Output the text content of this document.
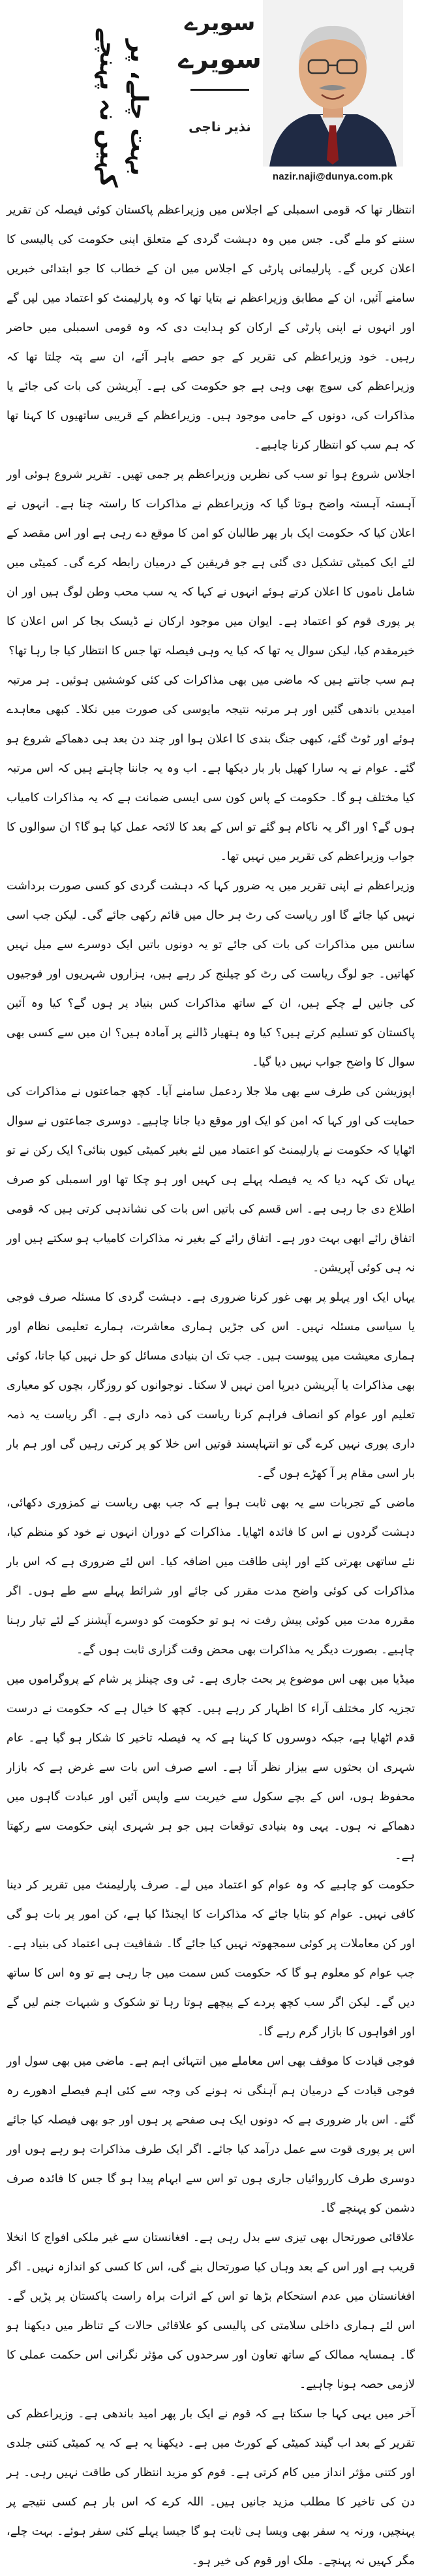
nazir.naji@dunya.com.pk
سویرے
سویرے
نذیر ناجی
بہت چلے، پر کہیں نہ پہنچے

انتظار تھا کہ قومی اسمبلی کے اجلاس میں وزیراعظم پاکستان کوئی فیصلہ کن تقریر سننے کو ملے گی۔ جس میں وہ دہشت گردی کے متعلق اپنی حکومت کی پالیسی کا اعلان کریں گے۔ پارلیمانی پارٹی کے اجلاس میں ان کے خطاب کا جو ابتدائی خبریں سامنے آئیں، ان کے مطابق وزیراعظم نے بتایا تھا کہ وہ پارلیمنٹ کو اعتماد میں لیں گے اور انہوں نے اپنی پارٹی کے ارکان کو ہدایت دی کہ وہ قومی اسمبلی میں حاضر رہیں۔ خود وزیراعظم کی تقریر کے جو حصے باہر آئے، ان سے پتہ چلتا تھا کہ وزیراعظم کی سوچ بھی وہی ہے جو حکومت کی ہے۔ آپریشن کی بات کی جائے یا مذاکرات کی، دونوں کے حامی موجود ہیں۔ وزیراعظم کے قریبی ساتھیوں کا کہنا تھا کہ ہم سب کو انتظار کرنا چاہیے۔

اجلاس شروع ہوا تو سب کی نظریں وزیراعظم پر جمی تھیں۔ تقریر شروع ہوئی اور آہستہ آہستہ واضح ہوتا گیا کہ وزیراعظم نے مذاکرات کا راستہ چنا ہے۔ انہوں نے اعلان کیا کہ حکومت ایک بار پھر طالبان کو امن کا موقع دے رہی ہے اور اس مقصد کے لئے ایک کمیٹی تشکیل دی گئی ہے جو فریقین کے درمیان رابطہ کرے گی۔ کمیٹی میں شامل ناموں کا اعلان کرتے ہوئے انہوں نے کہا کہ یہ سب محب وطن لوگ ہیں اور ان پر پوری قوم کو اعتماد ہے۔ ایوان میں موجود ارکان نے ڈیسک بجا کر اس اعلان کا خیرمقدم کیا، لیکن سوال یہ تھا کہ کیا یہ وہی فیصلہ تھا جس کا انتظار کیا جا رہا تھا؟

ہم سب جانتے ہیں کہ ماضی میں بھی مذاکرات کی کئی کوششیں ہوئیں۔ ہر مرتبہ امیدیں باندھی گئیں اور ہر مرتبہ نتیجہ مایوسی کی صورت میں نکلا۔ کبھی معاہدے ہوئے اور ٹوٹ گئے، کبھی جنگ بندی کا اعلان ہوا اور چند دن بعد ہی دھماکے شروع ہو گئے۔ عوام نے یہ سارا کھیل بار بار دیکھا ہے۔ اب وہ یہ جاننا چاہتے ہیں کہ اس مرتبہ کیا مختلف ہو گا۔ حکومت کے پاس کون سی ایسی ضمانت ہے کہ یہ مذاکرات کامیاب ہوں گے؟ اور اگر یہ ناکام ہو گئے تو اس کے بعد کا لائحہ عمل کیا ہو گا؟ ان سوالوں کا جواب وزیراعظم کی تقریر میں نہیں تھا۔

وزیراعظم نے اپنی تقریر میں یہ ضرور کہا کہ دہشت گردی کو کسی صورت برداشت نہیں کیا جائے گا اور ریاست کی رٹ ہر حال میں قائم رکھی جائے گی۔ لیکن جب اسی سانس میں مذاکرات کی بات کی جائے تو یہ دونوں باتیں ایک دوسرے سے میل نہیں کھاتیں۔ جو لوگ ریاست کی رٹ کو چیلنج کر رہے ہیں، ہزاروں شہریوں اور فوجیوں کی جانیں لے چکے ہیں، ان کے ساتھ مذاکرات کس بنیاد پر ہوں گے؟ کیا وہ آئین پاکستان کو تسلیم کرتے ہیں؟ کیا وہ ہتھیار ڈالنے پر آمادہ ہیں؟ ان میں سے کسی بھی سوال کا واضح جواب نہیں دیا گیا۔

اپوزیشن کی طرف سے بھی ملا جلا ردعمل سامنے آیا۔ کچھ جماعتوں نے مذاکرات کی حمایت کی اور کہا کہ امن کو ایک اور موقع دیا جانا چاہیے۔ دوسری جماعتوں نے سوال اٹھایا کہ حکومت نے پارلیمنٹ کو اعتماد میں لئے بغیر کمیٹی کیوں بنائی؟ ایک رکن نے تو یہاں تک کہہ دیا کہ یہ فیصلہ پہلے ہی کہیں اور ہو چکا تھا اور اسمبلی کو صرف اطلاع دی جا رہی ہے۔ اس قسم کی باتیں اس بات کی نشاندہی کرتی ہیں کہ قومی اتفاق رائے ابھی بہت دور ہے۔ اتفاق رائے کے بغیر نہ مذاکرات کامیاب ہو سکتے ہیں اور نہ ہی کوئی آپریشن۔

یہاں ایک اور پہلو پر بھی غور کرنا ضروری ہے۔ دہشت گردی کا مسئلہ صرف فوجی یا سیاسی مسئلہ نہیں۔ اس کی جڑیں ہماری معاشرت، ہمارے تعلیمی نظام اور ہماری معیشت میں پیوست ہیں۔ جب تک ان بنیادی مسائل کو حل نہیں کیا جاتا، کوئی بھی مذاکرات یا آپریشن دیرپا امن نہیں لا سکتا۔ نوجوانوں کو روزگار، بچوں کو معیاری تعلیم اور عوام کو انصاف فراہم کرنا ریاست کی ذمہ داری ہے۔ اگر ریاست یہ ذمہ داری پوری نہیں کرے گی تو انتہاپسند قوتیں اس خلا کو پر کرتی رہیں گی اور ہم بار بار اسی مقام پر آ کھڑے ہوں گے۔

ماضی کے تجربات سے یہ بھی ثابت ہوا ہے کہ جب بھی ریاست نے کمزوری دکھائی، دہشت گردوں نے اس کا فائدہ اٹھایا۔ مذاکرات کے دوران انہوں نے خود کو منظم کیا، نئے ساتھی بھرتی کئے اور اپنی طاقت میں اضافہ کیا۔ اس لئے ضروری ہے کہ اس بار مذاکرات کی کوئی واضح مدت مقرر کی جائے اور شرائط پہلے سے طے ہوں۔ اگر مقررہ مدت میں کوئی پیش رفت نہ ہو تو حکومت کو دوسرے آپشنز کے لئے تیار رہنا چاہیے۔ بصورت دیگر یہ مذاکرات بھی محض وقت گزاری ثابت ہوں گے۔

میڈیا میں بھی اس موضوع پر بحث جاری ہے۔ ٹی وی چینلز پر شام کے پروگراموں میں تجزیہ کار مختلف آراء کا اظہار کر رہے ہیں۔ کچھ کا خیال ہے کہ حکومت نے درست قدم اٹھایا ہے، جبکہ دوسروں کا کہنا ہے کہ یہ فیصلہ تاخیر کا شکار ہو گیا ہے۔ عام شہری ان بحثوں سے بیزار نظر آتا ہے۔ اسے صرف اس بات سے غرض ہے کہ بازار محفوظ ہوں، اس کے بچے سکول سے خیریت سے واپس آئیں اور عبادت گاہوں میں دھماکے نہ ہوں۔ یہی وہ بنیادی توقعات ہیں جو ہر شہری اپنی حکومت سے رکھتا ہے۔

حکومت کو چاہیے کہ وہ عوام کو اعتماد میں لے۔ صرف پارلیمنٹ میں تقریر کر دینا کافی نہیں۔ عوام کو بتایا جائے کہ مذاکرات کا ایجنڈا کیا ہے، کن امور پر بات ہو گی اور کن معاملات پر کوئی سمجھوتہ نہیں کیا جائے گا۔ شفافیت ہی اعتماد کی بنیاد ہے۔ جب عوام کو معلوم ہو گا کہ حکومت کس سمت میں جا رہی ہے تو وہ اس کا ساتھ دیں گے۔ لیکن اگر سب کچھ پردے کے پیچھے ہوتا رہا تو شکوک و شبہات جنم لیں گے اور افواہوں کا بازار گرم رہے گا۔

فوجی قیادت کا موقف بھی اس معاملے میں انتہائی اہم ہے۔ ماضی میں بھی سول اور فوجی قیادت کے درمیان ہم آہنگی نہ ہونے کی وجہ سے کئی اہم فیصلے ادھورے رہ گئے۔ اس بار ضروری ہے کہ دونوں ایک ہی صفحے پر ہوں اور جو بھی فیصلہ کیا جائے اس پر پوری قوت سے عمل درآمد کیا جائے۔ اگر ایک طرف مذاکرات ہو رہے ہوں اور دوسری طرف کارروائیاں جاری ہوں تو اس سے ابہام پیدا ہو گا جس کا فائدہ صرف دشمن کو پہنچے گا۔

علاقائی صورتحال بھی تیزی سے بدل رہی ہے۔ افغانستان سے غیر ملکی افواج کا انخلا قریب ہے اور اس کے بعد وہاں کیا صورتحال بنے گی، اس کا کسی کو اندازہ نہیں۔ اگر افغانستان میں عدم استحکام بڑھا تو اس کے اثرات براہ راست پاکستان پر پڑیں گے۔ اس لئے ہماری داخلی سلامتی کی پالیسی کو علاقائی حالات کے تناظر میں دیکھنا ہو گا۔ ہمسایہ ممالک کے ساتھ تعاون اور سرحدوں کی مؤثر نگرانی اس حکمت عملی کا لازمی حصہ ہونا چاہیے۔

آخر میں یہی کہا جا سکتا ہے کہ قوم نے ایک بار پھر امید باندھی ہے۔ وزیراعظم کی تقریر کے بعد اب گیند کمیٹی کے کورٹ میں ہے۔ دیکھنا یہ ہے کہ یہ کمیٹی کتنی جلدی اور کتنی مؤثر انداز میں کام کرتی ہے۔ قوم کو مزید انتظار کی طاقت نہیں رہی۔ ہر دن کی تاخیر کا مطلب مزید جانیں ہیں۔ اللہ کرے کہ اس بار ہم کسی نتیجے پر پہنچیں، ورنہ یہ سفر بھی ویسا ہی ثابت ہو گا جیسا پہلے کئی سفر ہوئے۔ بہت چلے، مگر کہیں نہ پہنچے۔ ملک اور قوم کی خیر ہو۔
